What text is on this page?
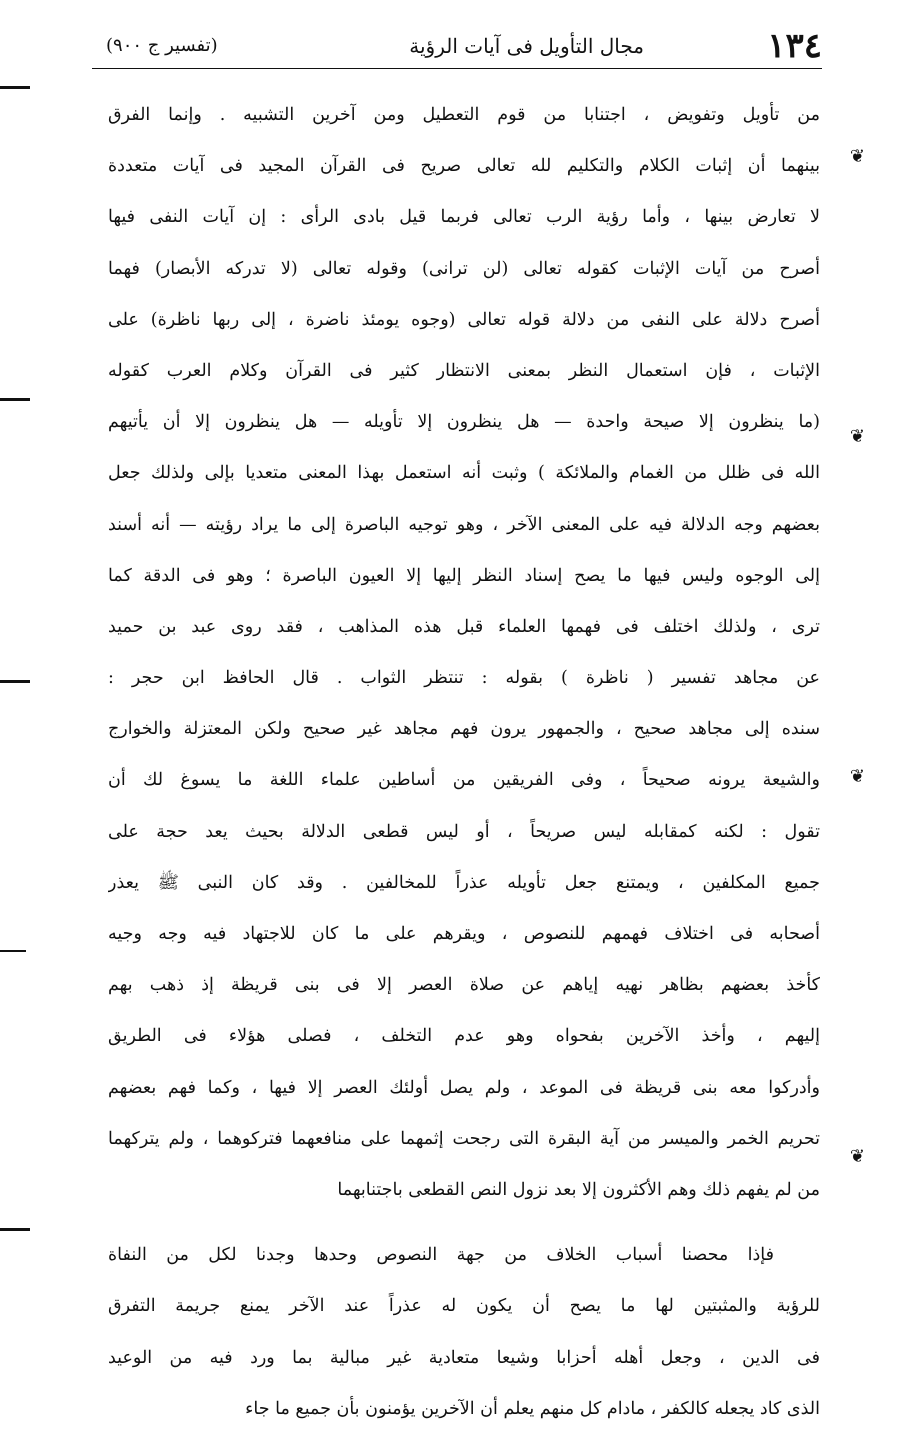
١٣٤
مجال التأويل فى آيات الرؤية
(تفسير ج ٩٠٠)
من تأويل وتفويض ، اجتنابا من قوم التعطيل ومن آخرين التشبيه . وإنما الفرق
بينهما أن إثبات الكلام والتكليم لله تعالى صريح فى القرآن المجيد فى آيات متعددة
لا تعارض بينها ، وأما رؤية الرب تعالى فربما قيل بادى الرأى : إن آيات النفى فيها
أصرح من آيات الإثبات كقوله تعالى (لن ترانى) وقوله تعالى (لا تدركه الأبصار) فهما
أصرح دلالة على النفى من دلالة قوله تعالى (وجوه يومئذ ناضرة ، إلى ربها ناظرة) على
الإثبات ، فإن استعمال النظر بمعنى الانتظار كثير فى القرآن وكلام العرب كقوله
(ما ينظرون إلا صيحة واحدة — هل ينظرون إلا تأويله — هل ينظرون إلا أن يأتيهم
الله فى ظلل من الغمام والملائكة ) وثبت أنه استعمل بهذا المعنى متعديا بإلى ولذلك جعل
بعضهم وجه الدلالة فيه على المعنى الآخر ، وهو توجيه الباصرة إلى ما يراد رؤيته — أنه أسند
إلى الوجوه وليس فيها ما يصح إسناد النظر إليها إلا العيون الباصرة ؛ وهو فى الدقة كما
ترى ، ولذلك اختلف فى فهمها العلماء قبل هذه المذاهب ، فقد روى عبد بن حميد
عن مجاهد تفسير ( ناظرة ) بقوله : تنتظر الثواب . قال الحافظ ابن حجر :
سنده إلى مجاهد صحيح ، والجمهور يرون فهم مجاهد غير صحيح ولكن المعتزلة والخوارج
والشيعة يرونه صحيحاً ، وفى الفريقين من أساطين علماء اللغة ما يسوغ لك أن
تقول : لكنه كمقابله ليس صريحاً ، أو ليس قطعى الدلالة بحيث يعد حجة على
جميع المكلفين ، ويمتنع جعل تأويله عذراً للمخالفين . وقد كان النبى ﷺ يعذر
أصحابه فى اختلاف فهمهم للنصوص ، ويقرهم على ما كان للاجتهاد فيه وجه وجيه
كأخذ بعضهم بظاهر نهيه إياهم عن صلاة العصر إلا فى بنى قريظة إذ ذهب بهم
إليهم ، وأخذ الآخرين بفحواه وهو عدم التخلف ، فصلى هؤلاء فى الطريق
وأدركوا معه بنى قريظة فى الموعد ، ولم يصل أولئك العصر إلا فيها ، وكما فهم بعضهم
تحريم الخمر والميسر من آية البقرة التى رجحت إثمهما على منافعهما فتركوهما ، ولم يتركهما
من لم يفهم ذلك وهم الأكثرون إلا بعد نزول النص القطعى باجتنابهما
فإذا محصنا أسباب الخلاف من جهة النصوص وحدها وجدنا لكل من النفاة
للرؤية والمثبتين لها ما يصح أن يكون له عذراً عند الآخر يمنع جريمة التفرق
فى الدين ، وجعل أهله أحزابا وشيعا متعادية غير مبالية بما ورد فيه من الوعيد
الذى كاد يجعله كالكفر ، مادام كل منهم يعلم أن الآخرين يؤمنون بأن جميع ما جاء
❦
❦
❦
❦
